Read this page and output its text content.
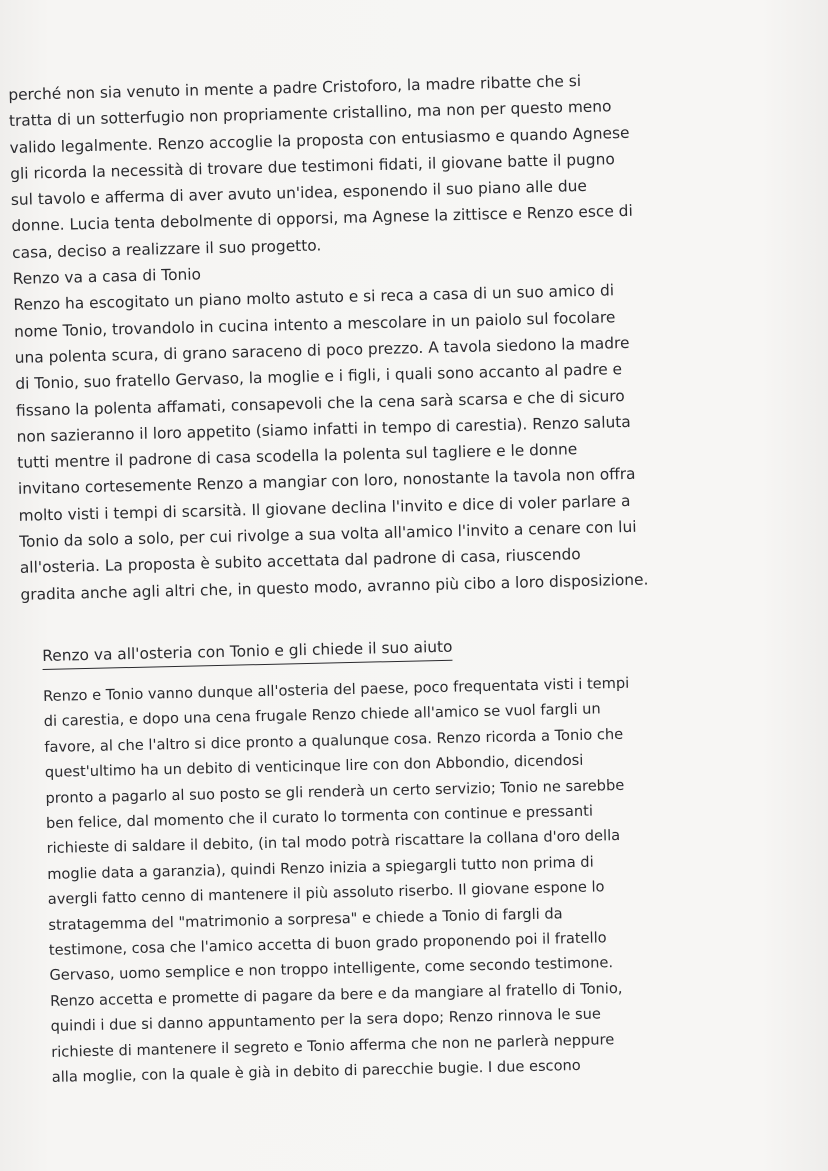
perché non sia venuto in mente a padre Cristoforo, la madre ribatte che si
tratta di un sotterfugio non propriamente cristallino, ma non per questo meno
valido legalmente. Renzo accoglie la proposta con entusiasmo e quando Agnese
gli ricorda la necessità di trovare due testimoni fidati, il giovane batte il pugno
sul tavolo e afferma di aver avuto un'idea, esponendo il suo piano alle due
donne. Lucia tenta debolmente di opporsi, ma Agnese la zittisce e Renzo esce di
casa, deciso a realizzare il suo progetto.
Renzo va a casa di Tonio
Renzo ha escogitato un piano molto astuto e si reca a casa di un suo amico di
nome Tonio, trovandolo in cucina intento a mescolare in un paiolo sul focolare
una polenta scura, di grano saraceno di poco prezzo. A tavola siedono la madre
di Tonio, suo fratello Gervaso, la moglie e i figli, i quali sono accanto al padre e
fissano la polenta affamati, consapevoli che la cena sarà scarsa e che di sicuro
non sazieranno il loro appetito (siamo infatti in tempo di carestia). Renzo saluta
tutti mentre il padrone di casa scodella la polenta sul tagliere e le donne
invitano cortesemente Renzo a mangiar con loro, nonostante la tavola non offra
molto visti i tempi di scarsità. Il giovane declina l'invito e dice di voler parlare a
Tonio da solo a solo, per cui rivolge a sua volta all'amico l'invito a cenare con lui
all'osteria. La proposta è subito accettata dal padrone di casa, riuscendo
gradita anche agli altri che, in questo modo, avranno più cibo a loro disposizione.
Renzo va all'osteria con Tonio e gli chiede il suo aiuto
Renzo e Tonio vanno dunque all'osteria del paese, poco frequentata visti i tempi
di carestia, e dopo una cena frugale Renzo chiede all'amico se vuol fargli un
favore, al che l'altro si dice pronto a qualunque cosa. Renzo ricorda a Tonio che
quest'ultimo ha un debito di venticinque lire con don Abbondio, dicendosi
pronto a pagarlo al suo posto se gli renderà un certo servizio; Tonio ne sarebbe
ben felice, dal momento che il curato lo tormenta con continue e pressanti
richieste di saldare il debito, (in tal modo potrà riscattare la collana d'oro della
moglie data a garanzia), quindi Renzo inizia a spiegargli tutto non prima di
avergli fatto cenno di mantenere il più assoluto riserbo. Il giovane espone lo
stratagemma del "matrimonio a sorpresa" e chiede a Tonio di fargli da
testimone, cosa che l'amico accetta di buon grado proponendo poi il fratello
Gervaso, uomo semplice e non troppo intelligente, come secondo testimone.
Renzo accetta e promette di pagare da bere e da mangiare al fratello di Tonio,
quindi i due si danno appuntamento per la sera dopo; Renzo rinnova le sue
richieste di mantenere il segreto e Tonio afferma che non ne parlerà neppure
alla moglie, con la quale è già in debito di parecchie bugie. I due escono
